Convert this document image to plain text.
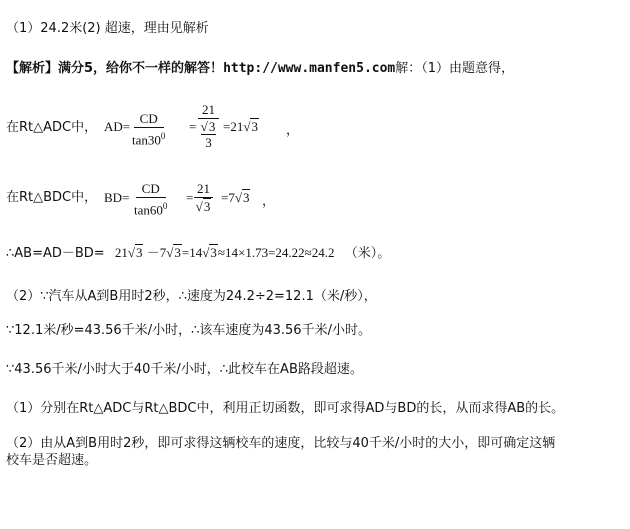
（1）24.2米(2) 超速，理由见解析
【解析】满分5，给你不一样的解答！http://www.manfen5.com解：（1）由题意得，
在Rt△ADC中， $AD= \frac{CD}{\tan 30^0}$ =
21
$\frac{√3}{3} =21√3$ ，
在Rt△BDC中， $BD= \frac{CD}{\tan 60^0} = \frac{21}{√3} =7√3$ ，
∴AB=AD－BD= 21√3 －7√3=14√3≈14×1.73=24.22≈24.2 （米）。
（2）∵汽车从A到B用时2秒，∴速度为24.2÷2=12.1（米/秒），
∵12.1米/秒=43.56千米/小时，∴该车速度为43.56千米/小时。
∵43.56千米/小时大于40千米/小时，∴此校车在AB路段超速。
（1）分别在Rt△ADC与Rt△BDC中，利用正切函数，即可求得AD与BD的长，从而求得AB的长。
（2）由从A到B用时2秒，即可求得这辆校车的速度，比较与40千米/小时的大小，即可确定这辆
校车是否超速。
